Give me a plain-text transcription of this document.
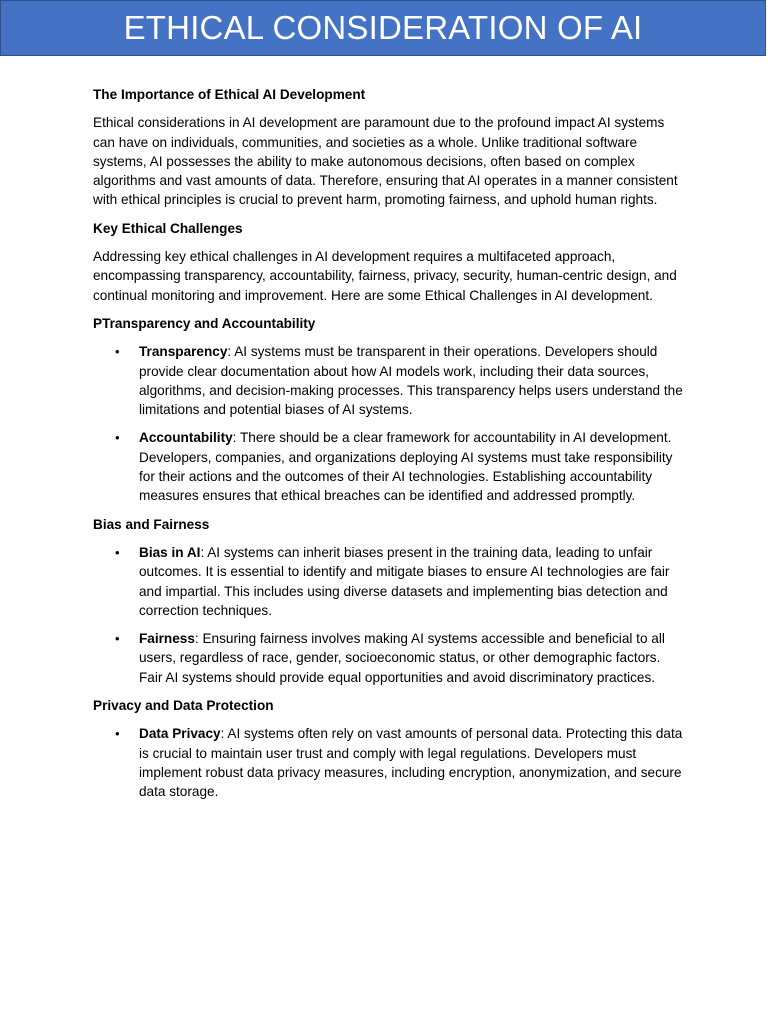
ETHICAL CONSIDERATION OF AI
The Importance of Ethical AI Development
Ethical considerations in AI development are paramount due to the profound impact AI systems can have on individuals, communities, and societies as a whole. Unlike traditional software systems, AI possesses the ability to make autonomous decisions, often based on complex algorithms and vast amounts of data. Therefore, ensuring that AI operates in a manner consistent with ethical principles is crucial to prevent harm, promoting fairness, and uphold human rights.
Key Ethical Challenges
Addressing key ethical challenges in AI development requires a multifaceted approach, encompassing transparency, accountability, fairness, privacy, security, human-centric design, and continual monitoring and improvement. Here are some Ethical Challenges in AI development.
PTransparency and Accountability
• Transparency: AI systems must be transparent in their operations. Developers should provide clear documentation about how AI models work, including their data sources, algorithms, and decision-making processes. This transparency helps users understand the limitations and potential biases of AI systems.
• Accountability: There should be a clear framework for accountability in AI development. Developers, companies, and organizations deploying AI systems must take responsibility for their actions and the outcomes of their AI technologies. Establishing accountability measures ensures that ethical breaches can be identified and addressed promptly.
Bias and Fairness
• Bias in AI: AI systems can inherit biases present in the training data, leading to unfair outcomes. It is essential to identify and mitigate biases to ensure AI technologies are fair and impartial. This includes using diverse datasets and implementing bias detection and correction techniques.
• Fairness: Ensuring fairness involves making AI systems accessible and beneficial to all users, regardless of race, gender, socioeconomic status, or other demographic factors. Fair AI systems should provide equal opportunities and avoid discriminatory practices.
Privacy and Data Protection
• Data Privacy: AI systems often rely on vast amounts of personal data. Protecting this data is crucial to maintain user trust and comply with legal regulations. Developers must implement robust data privacy measures, including encryption, anonymization, and secure data storage.
